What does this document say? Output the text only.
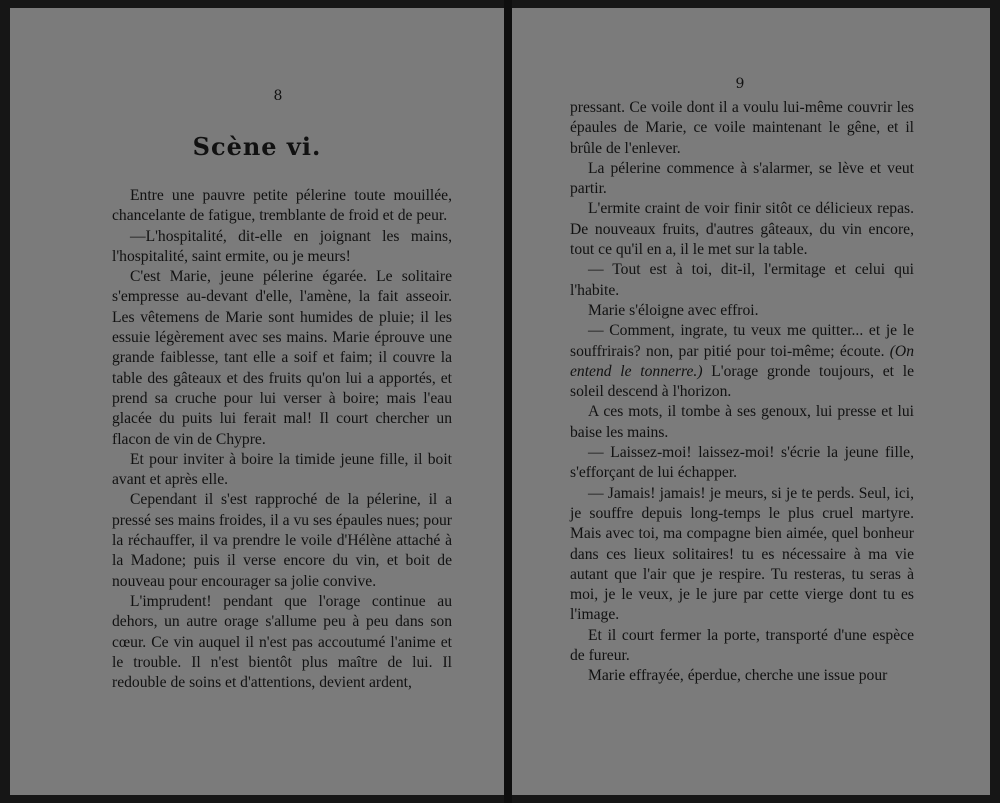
8
Scène vi.

Entre une pauvre petite pélerine toute mouillée, chancelante de fatigue, tremblante de froid et de peur.

—L'hospitalité, dit-elle en joignant les mains, l'hospitalité, saint ermite, ou je meurs!

C'est Marie, jeune pélerine égarée. Le solitaire s'empresse au-devant d'elle, l'amène, la fait asseoir. Les vêtemens de Marie sont humides de pluie; il les essuie légèrement avec ses mains. Marie éprouve une grande faiblesse, tant elle a soif et faim; il couvre la table des gâteaux et des fruits qu'on lui a apportés, et prend sa cruche pour lui verser à boire; mais l'eau glacée du puits lui ferait mal! Il court chercher un flacon de vin de Chypre.

Et pour inviter à boire la timide jeune fille, il boit avant et après elle.

Cependant il s'est rapproché de la pélerine, il a pressé ses mains froides, il a vu ses épaules nues; pour la réchauffer, il va prendre le voile d'Hélène attaché à la Madone; puis il verse encore du vin, et boit de nouveau pour encourager sa jolie convive.

L'imprudent! pendant que l'orage continue au dehors, un autre orage s'allume peu à peu dans son cœur. Ce vin auquel il n'est pas accoutumé l'anime et le trouble. Il n'est bientôt plus maître de lui. Il redouble de soins et d'attentions, devient ardent,

9

pressant. Ce voile dont il a voulu lui-même couvrir les épaules de Marie, ce voile maintenant le gêne, et il brûle de l'enlever.

La pélerine commence à s'alarmer, se lève et veut partir.

L'ermite craint de voir finir sitôt ce délicieux repas. De nouveaux fruits, d'autres gâteaux, du vin encore, tout ce qu'il en a, il le met sur la table.

— Tout est à toi, dit-il, l'ermitage et celui qui l'habite.

Marie s'éloigne avec effroi.

— Comment, ingrate, tu veux me quitter... et je le souffrirais? non, par pitié pour toi-même; écoute. (On entend le tonnerre.) L'orage gronde toujours, et le soleil descend à l'horizon.

A ces mots, il tombe à ses genoux, lui presse et lui baise les mains.

— Laissez-moi! laissez-moi! s'écrie la jeune fille, s'efforçant de lui échapper.

— Jamais! jamais! je meurs, si je te perds. Seul, ici, je souffre depuis long-temps le plus cruel martyre. Mais avec toi, ma compagne bien aimée, quel bonheur dans ces lieux solitaires! tu es nécessaire à ma vie autant que l'air que je respire. Tu resteras, tu seras à moi, je le veux, je le jure par cette vierge dont tu es l'image.

Et il court fermer la porte, transporté d'une espèce de fureur.

Marie effrayée, éperdue, cherche une issue pour
